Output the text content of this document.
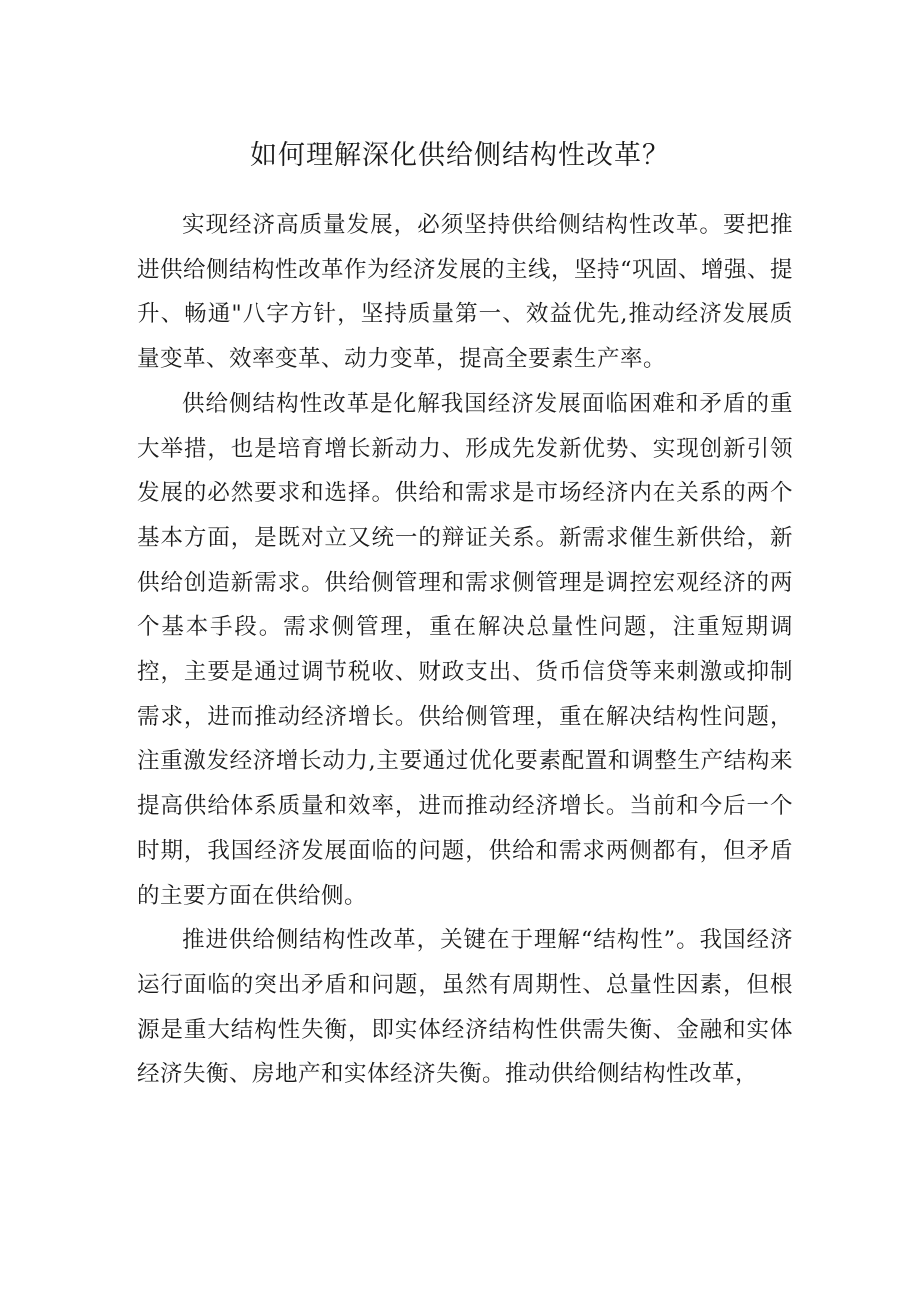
如何理解深化供给侧结构性改革？

实现经济高质量发展，必须坚持供给侧结构性改革。要把推进供给侧结构性改革作为经济发展的主线，坚持“巩固、增强、提升、畅通"八字方针，坚持质量第一、效益优先,推动经济发展质量变革、效率变革、动力变革，提高全要素生产率。

供给侧结构性改革是化解我国经济发展面临困难和矛盾的重大举措，也是培育增长新动力、形成先发新优势、实现创新引领发展的必然要求和选择。供给和需求是市场经济内在关系的两个基本方面，是既对立又统一的辩证关系。新需求催生新供给，新供给创造新需求。供给侧管理和需求侧管理是调控宏观经济的两个基本手段。需求侧管理，重在解决总量性问题，注重短期调控，主要是通过调节税收、财政支出、货币信贷等来刺激或抑制需求，进而推动经济增长。供给侧管理，重在解决结构性问题，注重激发经济增长动力,主要通过优化要素配置和调整生产结构来提高供给体系质量和效率，进而推动经济增长。当前和今后一个时期，我国经济发展面临的问题，供给和需求两侧都有，但矛盾的主要方面在供给侧。

推进供给侧结构性改革，关键在于理解“结构性”。我国经济运行面临的突出矛盾和问题，虽然有周期性、总量性因素，但根源是重大结构性失衡，即实体经济结构性供需失衡、金融和实体经济失衡、房地产和实体经济失衡。推动供给侧结构性改革，
